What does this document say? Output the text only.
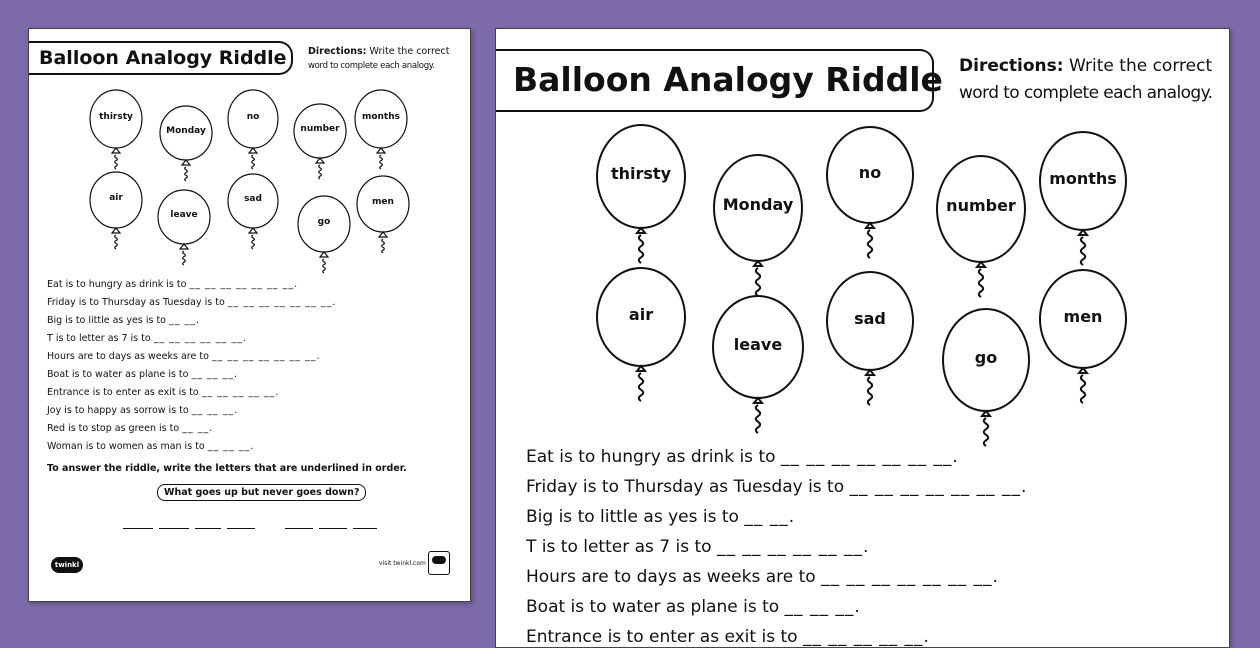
Balloon Analogy Riddle	Directions: Write the correct
word to complete each analogy.
thirsty
Monday
no
number
months
air
leave
sad
go
men
Eat is to hungry as drink is to __ __ __ __ __ __ __.
Friday is to Thursday as Tuesday is to __ __ __ __ __ __ __.
Big is to little as yes is to __ __.
T is to letter as 7 is to __ __ __ __ __ __.
Hours are to days as weeks are to __ __ __ __ __ __ __.
Boat is to water as plane is to __ __ __.
Entrance is to enter as exit is to __ __ __ __ __.
Joy is to happy as sorrow is to __ __ __.
Red is to stop as green is to __ __.
Woman is to women as man is to __ __ __.
To answer the riddle, write the letters that are underlined in order.
What goes up but never goes down?
twinkl	visit twinkl.com
Balloon Analogy Riddle Directions: Write the correct
word to complete each analogy.
thirsty
Monday
no
number
months
air
leave
sad
go
men
Eat is to hungry as drink is to __ __ __ __ __ __ __.
Friday is to Thursday as Tuesday is to __ __ __ __ __ __ __.
Big is to little as yes is to __ __.
T is to letter as 7 is to __ __ __ __ __ __.
Hours are to days as weeks are to __ __ __ __ __ __ __.
Boat is to water as plane is to __ __ __.
Entrance is to enter as exit is to __ __ __ __ __.
